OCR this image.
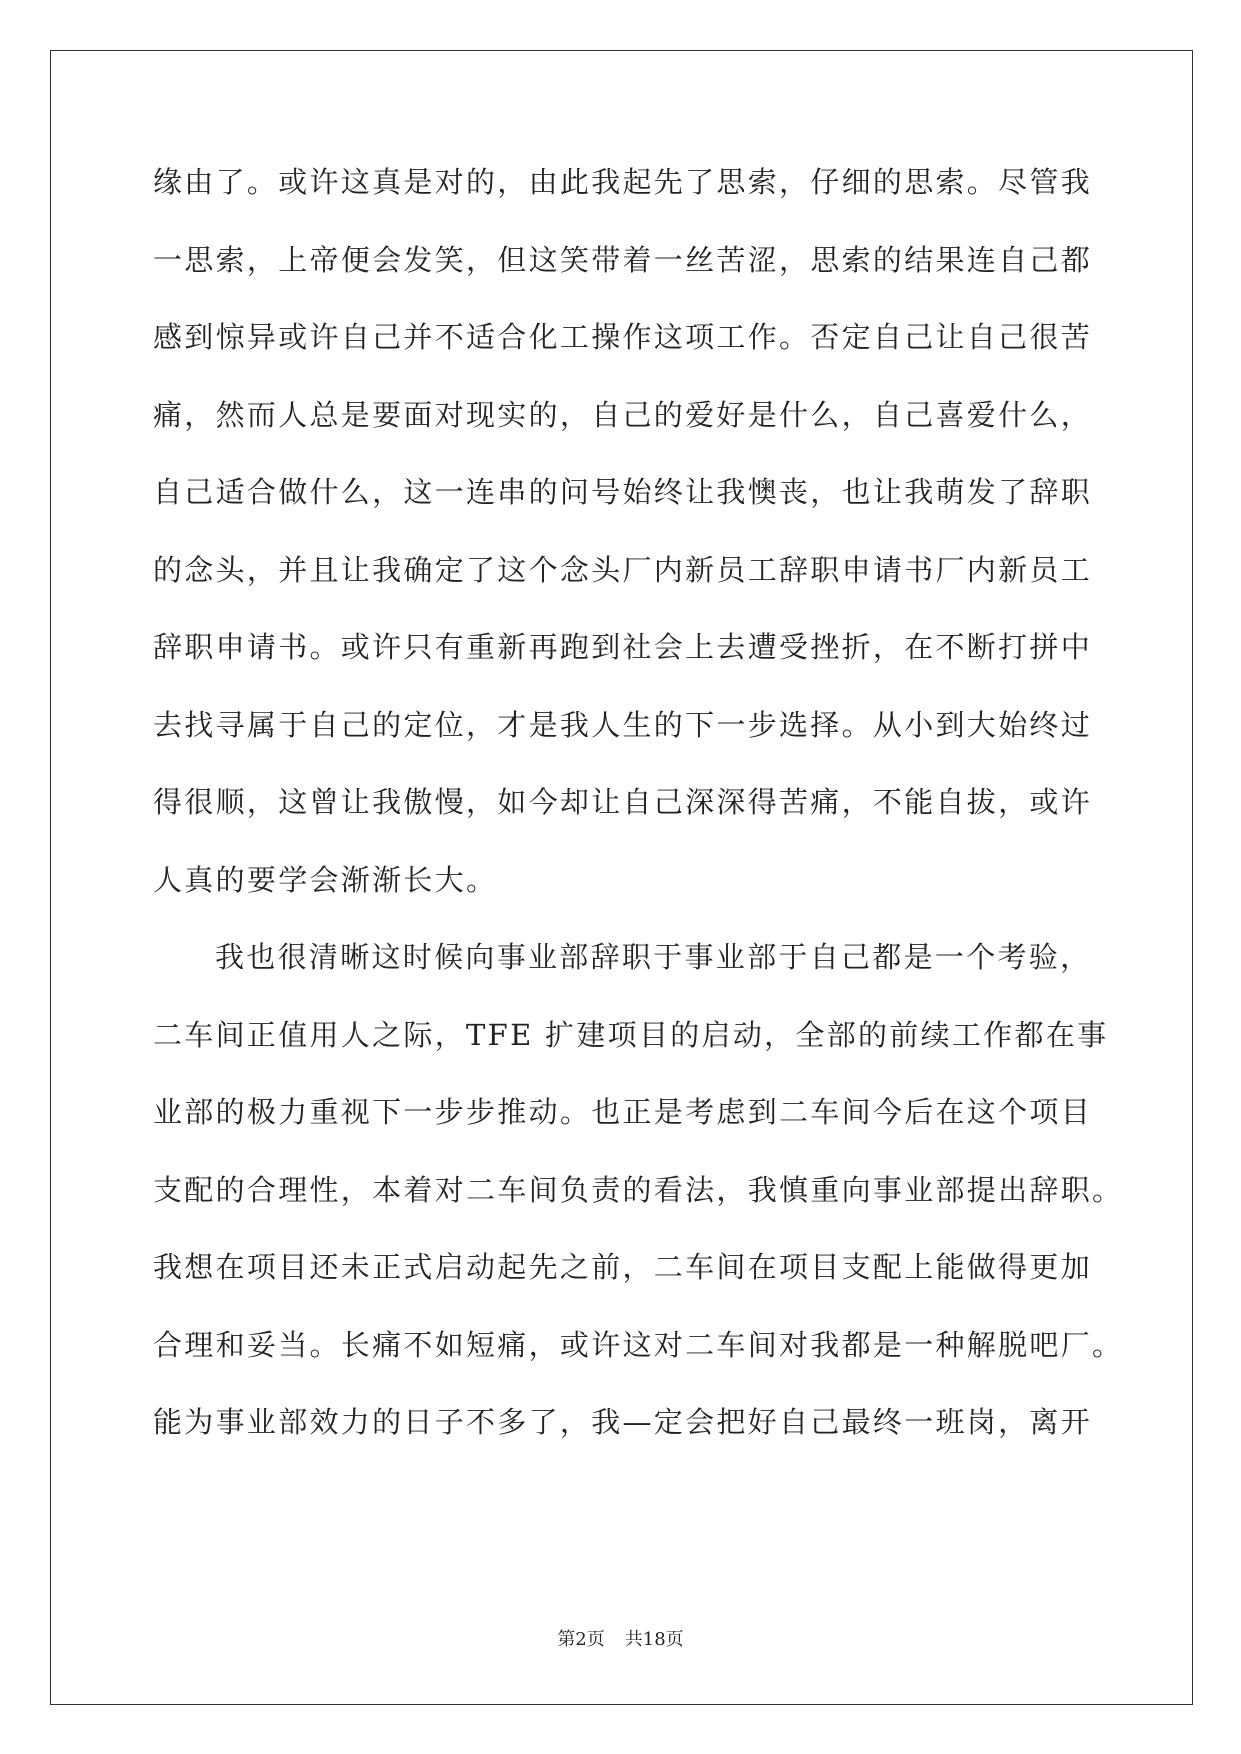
缘由了。或许这真是对的，由此我起先了思索，仔细的思索。尽管我
一思索，上帝便会发笑，但这笑带着一丝苦涩，思索的结果连自己都
感到惊异或许自己并不适合化工操作这项工作。否定自己让自己很苦
痛，然而人总是要面对现实的，自己的爱好是什么，自己喜爱什么，
自己适合做什么，这一连串的问号始终让我懊丧，也让我萌发了辞职
的念头，并且让我确定了这个念头厂内新员工辞职申请书厂内新员工
辞职申请书。或许只有重新再跑到社会上去遭受挫折，在不断打拼中
去找寻属于自己的定位，才是我人生的下一步选择。从小到大始终过
得很顺，这曾让我傲慢，如今却让自己深深得苦痛，不能自拔，或许
人真的要学会渐渐长大。
我也很清晰这时候向事业部辞职于事业部于自己都是一个考验，
二车间正值用人之际，TFE 扩建项目的启动，全部的前续工作都在事
业部的极力重视下一步步推动。也正是考虑到二车间今后在这个项目
支配的合理性，本着对二车间负责的看法，我慎重向事业部提出辞职。
我想在项目还未正式启动起先之前，二车间在项目支配上能做得更加
合理和妥当。长痛不如短痛，或许这对二车间对我都是一种解脱吧厂。
能为事业部效力的日子不多了，我—定会把好自己最终一班岗，离开
第2页 共18页
